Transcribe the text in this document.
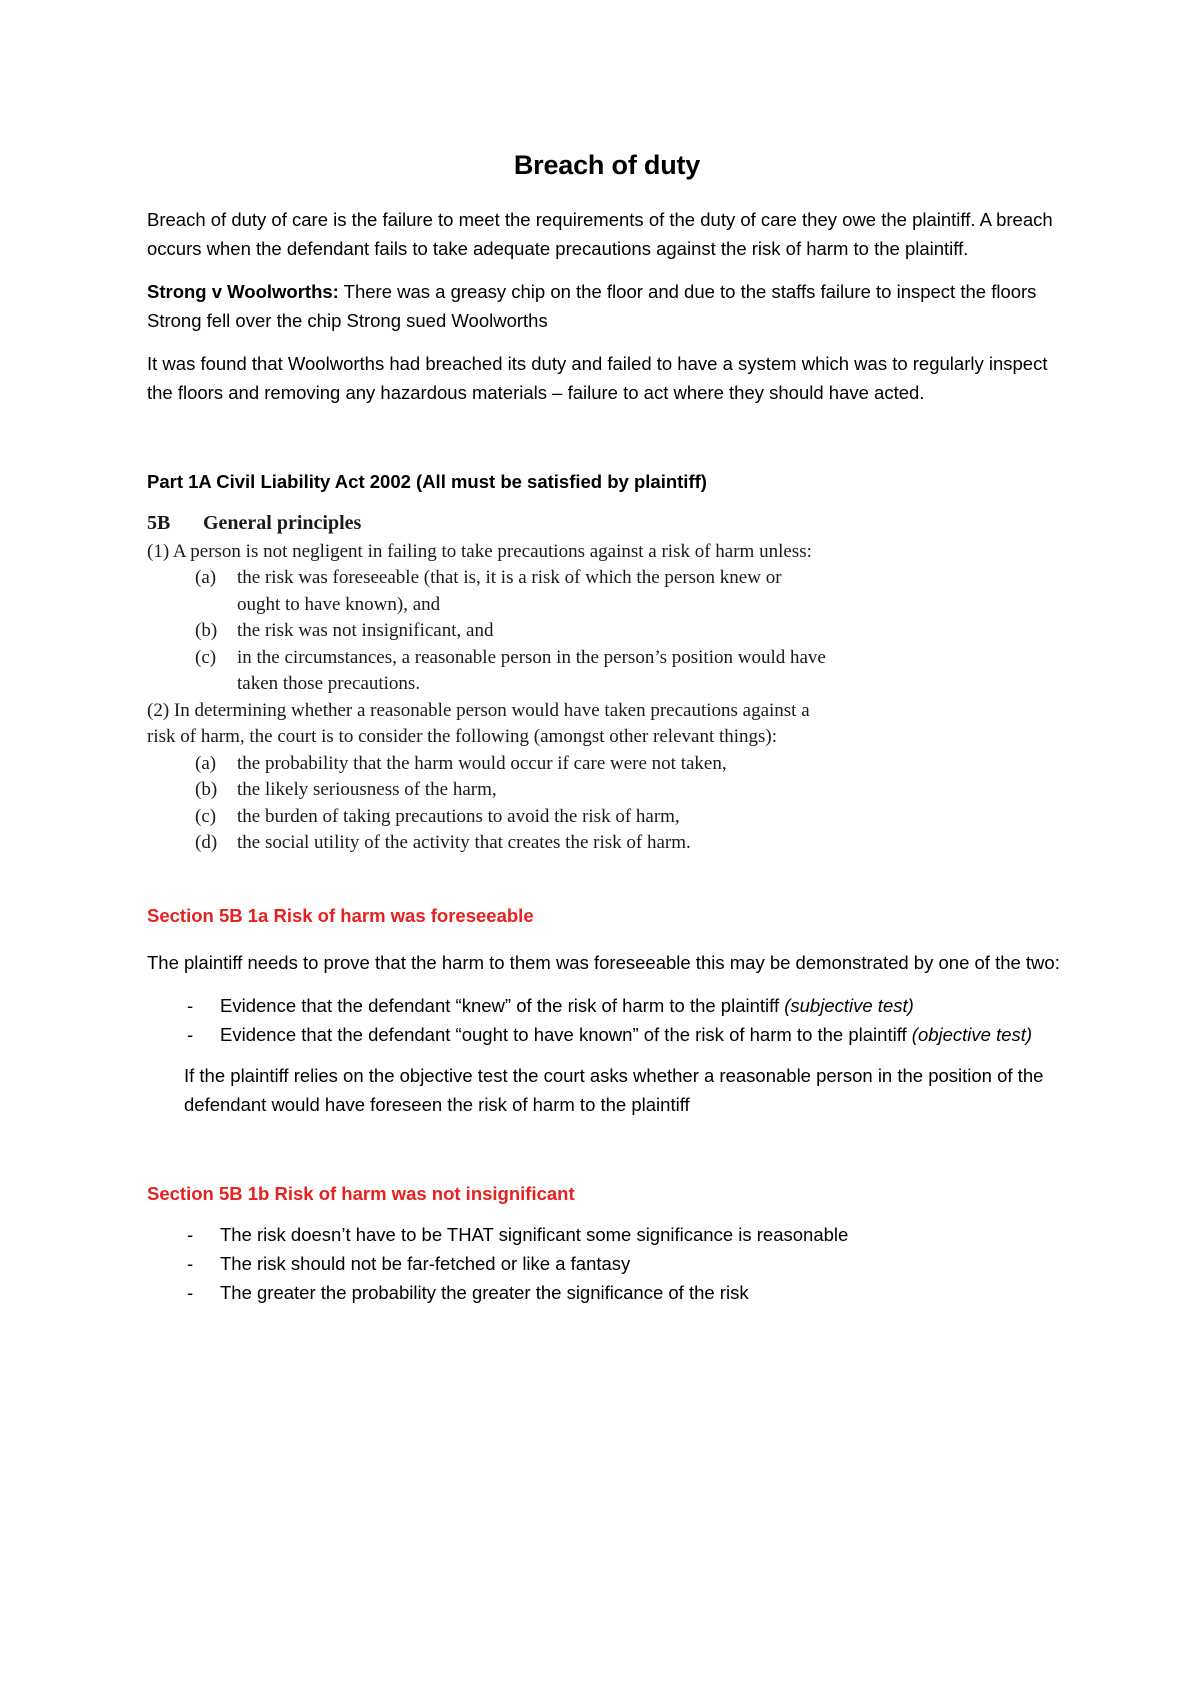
Breach of duty

Breach of duty of care is the failure to meet the requirements of the duty of care they owe the plaintiff. A breach occurs when the defendant fails to take adequate precautions against the risk of harm to the plaintiff.

Strong v Woolworths: There was a greasy chip on the floor and due to the staffs failure to inspect the floors Strong fell over the chip Strong sued Woolworths

It was found that Woolworths had breached its duty and failed to have a system which was to regularly inspect the floors and removing any hazardous materials – failure to act where they should have acted.

Part 1A Civil Liability Act 2002 (All must be satisfied by plaintiff)

5B General principles

(1) A person is not negligent in failing to take precautions against a risk of harm unless:

(a) the risk was foreseeable (that is, it is a risk of which the person knew or ought to have known), and
(b) the risk was not insignificant, and
(c) in the circumstances, a reasonable person in the person’s position would have taken those precautions.

(2) In determining whether a reasonable person would have taken precautions against a risk of harm, the court is to consider the following (amongst other relevant things):

(a) the probability that the harm would occur if care were not taken,
(b) the likely seriousness of the harm,
(c) the burden of taking precautions to avoid the risk of harm,
(d) the social utility of the activity that creates the risk of harm.

Section 5B 1a Risk of harm was foreseeable

The plaintiff needs to prove that the harm to them was foreseeable this may be demonstrated by one of the two:

- Evidence that the defendant “knew” of the risk of harm to the plaintiff (subjective test)
- Evidence that the defendant “ought to have known” of the risk of harm to the plaintiff (objective test)

If the plaintiff relies on the objective test the court asks whether a reasonable person in the position of the defendant would have foreseen the risk of harm to the plaintiff

Section 5B 1b Risk of harm was not insignificant

- The risk doesn’t have to be THAT significant some significance is reasonable
- The risk should not be far-fetched or like a fantasy
- The greater the probability the greater the significance of the risk
